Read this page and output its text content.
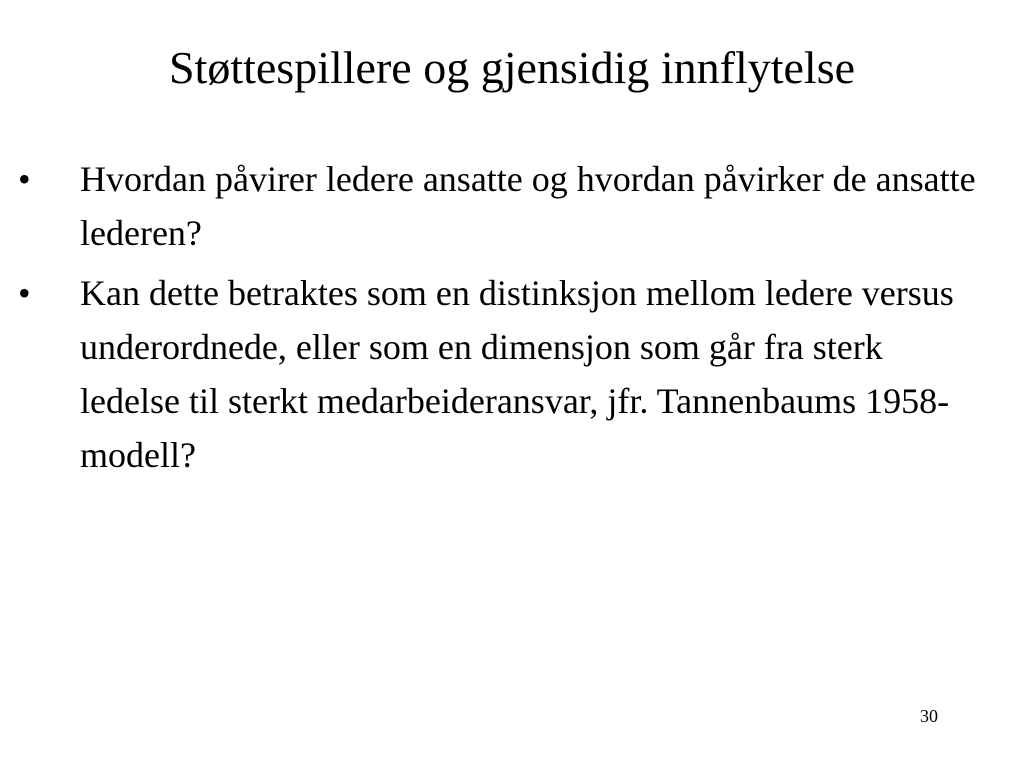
Støttespillere og gjensidig innflytelse
•	Hvordan påvirer ledere ansatte og hvordan påvirker de ansatte lederen?
•	Kan dette betraktes som en distinksjon mellom ledere versus underordnede, eller som en dimensjon som går fra sterk ledelse til sterkt medarbeideransvar, jfr. Tannenbaums 1958-modell?
30
